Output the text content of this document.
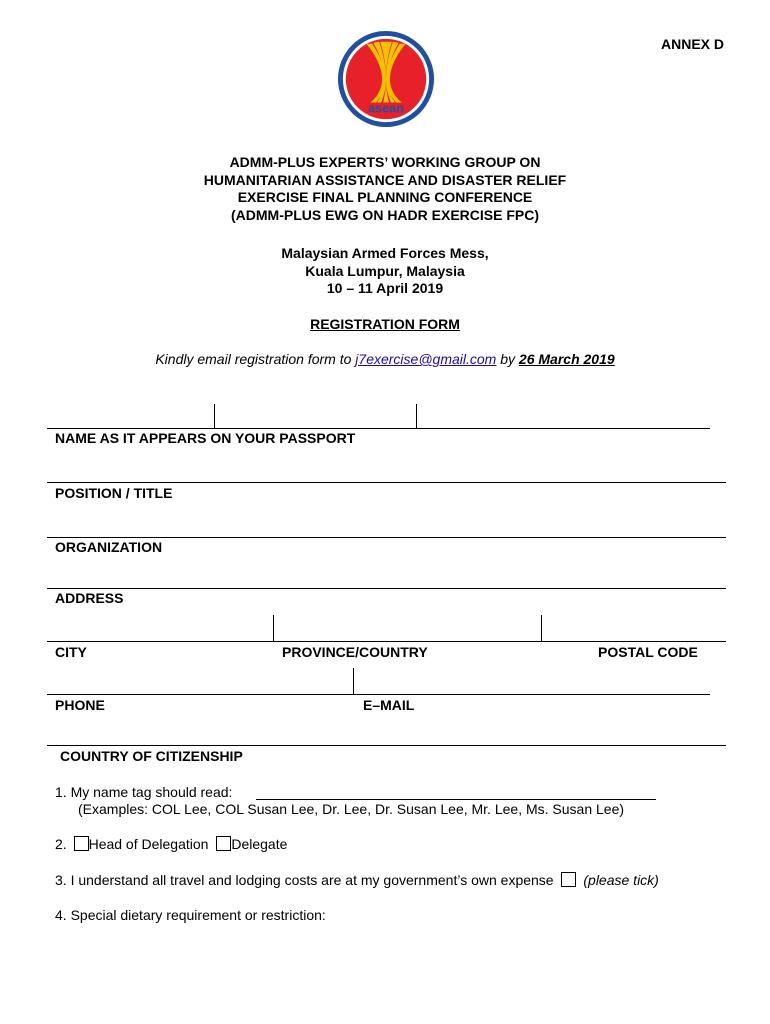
ANNEX D
asean
ADMM-PLUS EXPERTS’ WORKING GROUP ON
HUMANITARIAN ASSISTANCE AND DISASTER RELIEF
EXERCISE FINAL PLANNING CONFERENCE
(ADMM-PLUS EWG ON HADR EXERCISE FPC)
Malaysian Armed Forces Mess,
Kuala Lumpur, Malaysia
10 – 11 April 2019
REGISTRATION FORM
Kindly email registration form to j7exercise@gmail.com by 26 March 2019
NAME AS IT APPEARS ON YOUR PASSPORT
POSITION / TITLE
ORGANIZATION
ADDRESS
CITY	PROVINCE/COUNTRY	POSTAL CODE
PHONE	E–MAIL
COUNTRY OF CITIZENSHIP
1. My name tag should read:
(Examples: COL Lee, COL Susan Lee, Dr. Lee, Dr. Susan Lee, Mr. Lee, Ms. Susan Lee)
2. Head of Delegation Delegate
3. I understand all travel and lodging costs are at my government’s own expense (please tick)
4. Special dietary requirement or restriction:
